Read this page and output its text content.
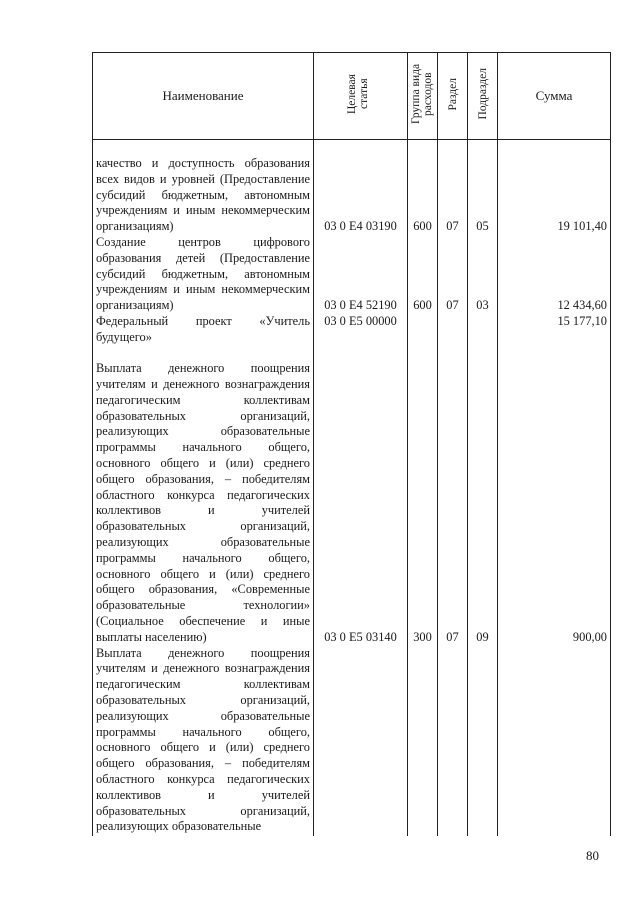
Наименование	Целевая статья	Группа вида расходов	Раздел	Подраздел	Сумма
качество и доступность образования всех видов и уровней (Предоставление субсидий бюджетным, автономным учреждениям и иным некоммерческим организациям)	03 0 E4 03190	600	07	05	19 101,40
Создание центров цифрового образования детей (Предоставление субсидий бюджетным, автономным учреждениям и иным некоммерческим организациям)	03 0 E4 52190	600	07	03	12 434,60
Федеральный проект «Учитель будущего»	03 0 E5 00000				15 177,10
Выплата денежного поощрения учителям и денежного вознаграждения педагогическим коллективам образовательных организаций, реализующих образовательные программы начального общего, основного общего и (или) среднего общего образования, – победителям областного конкурса педагогических коллективов и учителей образовательных организаций, реализующих образовательные программы начального общего, основного общего и (или) среднего общего образования, «Современные образовательные технологии» (Социальное обеспечение и иные выплаты населению)	03 0 E5 03140	300	07	09	900,00
Выплата денежного поощрения учителям и денежного вознаграждения педагогическим коллективам образовательных организаций, реализующих образовательные программы начального общего, основного общего и (или) среднего общего образования, – победителям областного конкурса педагогических коллективов и учителей образовательных организаций, реализующих образовательные					
80
